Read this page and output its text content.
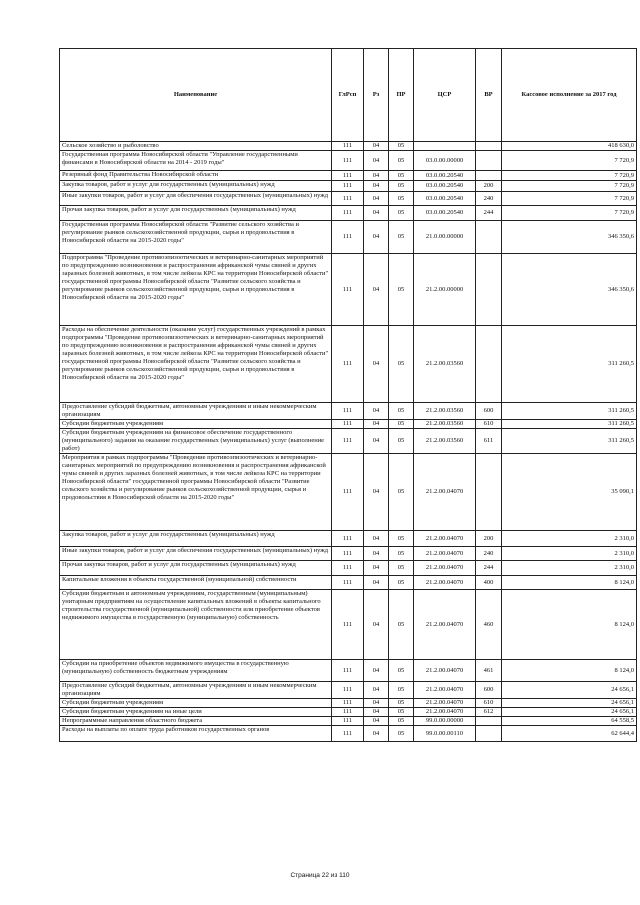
Наименование	ГлРсп	Рз	ПР	ЦСР	ВР	Кассовое исполнение за 2017 год
Сельское хозяйство и рыболовство	111	04	05			418 630,0
Государственная программа Новосибирской области "Управление государственными финансами в Новосибирской области на 2014 - 2019 годы"	111	04	05	03.0.00.00000		7 720,9
Резервный фонд Правительства Новосибирской области	111	04	05	03.0.00.20540		7 720,9
Закупка товаров, работ и услуг для государственных (муниципальных) нужд	111	04	05	03.0.00.20540	200	7 720,9
Иные закупки товаров, работ и услуг для обеспечения государственных (муниципальных) нужд	111	04	05	03.0.00.20540	240	7 720,9
Прочая закупка товаров, работ и услуг для государственных (муниципальных) нужд	111	04	05	03.0.00.20540	244	7 720,9
Государственная программа Новосибирской области "Развитие сельского хозяйства и регулирование рынков сельскохозяйственной продукции, сырья и продовольствия в Новосибирской области на 2015-2020 годы"	111	04	05	21.0.00.00000		346 350,6
Подпрограмма "Проведение противоэпизоотических и ветеринарно-санитарных мероприятий по предупреждению возникновения и распространения африканской чумы свиней и других заразных болезней животных, в том числе лейкоза КРС на территории Новосибирской области" государственной программы Новосибирской области "Развитие сельского хозяйства и регулирование рынков сельскохозяйственной продукции, сырья и продовольствия в Новосибирской области на 2015-2020 годы"	111	04	05	21.2.00.00000		346 350,6
Расходы на обеспечение деятельности (оказание услуг) государственных учреждений в рамках подпрограммы "Проведение противоэпизоотических и ветеринарно-санитарных мероприятий по предупреждению возникновения и распространения африканской чумы свиней и других заразных болезней животных, в том числе лейкоза КРС на территории Новосибирской области" государственной программы Новосибирской области "Развитие сельского хозяйства и регулирование рынков сельскохозяйственной продукции, сырья и продовольствия в Новосибирской области на 2015-2020 годы"	111	04	05	21.2.00.03560		311 260,5
Предоставление субсидий бюджетным, автономным учреждениям и иным некоммерческим организациям	111	04	05	21.2.00.03560	600	311 260,5
Субсидии бюджетным учреждениям	111	04	05	21.2.00.03560	610	311 260,5
Субсидии бюджетным учреждениям на финансовое обеспечение государственного (муниципального) задания на оказание государственных (муниципальных) услуг (выполнение работ)	111	04	05	21.2.00.03560	611	311 260,5
Мероприятия в рамках подпрограммы "Проведение противоэпизоотических и ветеринарно-санитарных мероприятий по предупреждению возникновения и распространения африканской чумы свиней и других заразных болезней животных, в том числе лейкоза КРС на территории Новосибирской области" государственной программы Новосибирской области "Развитие сельского хозяйства и регулирование рынков сельскохозяйственной продукции, сырья и продовольствия в Новосибирской области на 2015-2020 годы"	111	04	05	21.2.00.04070		35 090,1
Закупка товаров, работ и услуг для государственных (муниципальных) нужд	111	04	05	21.2.00.04070	200	2 310,0
Иные закупки товаров, работ и услуг для обеспечения государственных (муниципальных) нужд	111	04	05	21.2.00.04070	240	2 310,0
Прочая закупка товаров, работ и услуг для государственных (муниципальных) нужд	111	04	05	21.2.00.04070	244	2 310,0
Капитальные вложения в объекты государственной (муниципальной) собственности	111	04	05	21.2.00.04070	400	8 124,0
Субсидии бюджетным и автономным учреждениям, государственным (муниципальным) унитарным предприятиям на осуществление капитальных вложений в объекты капитального строительства государственной (муниципальной) собственности или приобретение объектов недвижимого имущества в государственную (муниципальную) собственность	111	04	05	21.2.00.04070	460	8 124,0
Субсидии на приобретение объектов недвижимого имущества в государственную (муниципальную) собственность бюджетным учреждениям	111	04	05	21.2.00.04070	461	8 124,0
Предоставление субсидий бюджетным, автономным учреждениям и иным некоммерческим организациям	111	04	05	21.2.00.04070	600	24 656,1
Субсидии бюджетным учреждениям	111	04	05	21.2.00.04070	610	24 656,1
Субсидии бюджетным учреждениям на иные цели	111	04	05	21.2.00.04070	612	24 656,1
Непрограммные направления областного бюджета	111	04	05	99.0.00.00000		64 558,5
Расходы на выплаты по оплате труда работников государственных органов	111	04	05	99.0.00.00110		62 644,4
Страница 22 из 110
